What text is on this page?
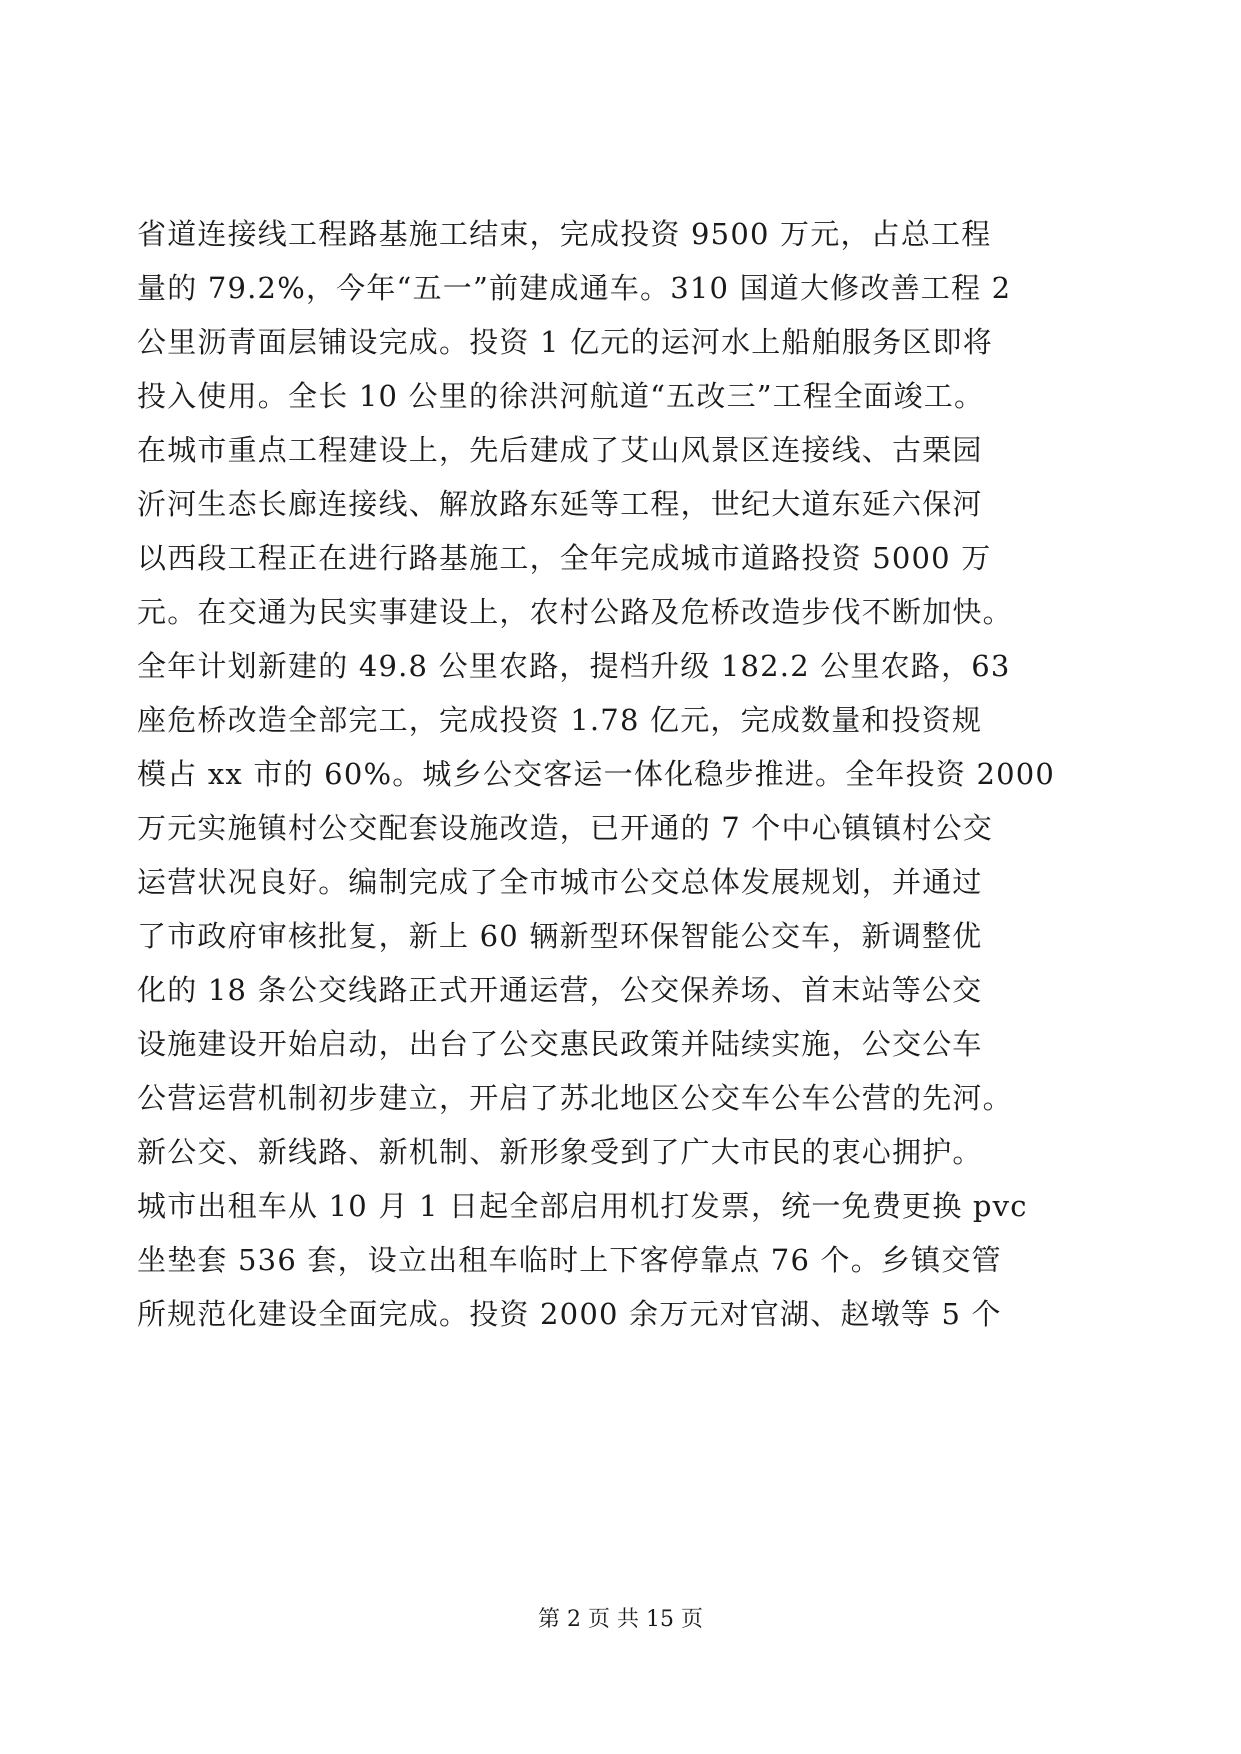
省道连接线工程路基施工结束，完成投资 9500 万元，占总工程
量的 79.2%，今年“五一”前建成通车。310 国道大修改善工程 2
公里沥青面层铺设完成。投资 1 亿元的运河水上船舶服务区即将
投入使用。全长 10 公里的徐洪河航道“五改三”工程全面竣工。
在城市重点工程建设上，先后建成了艾山风景区连接线、古栗园
沂河生态长廊连接线、解放路东延等工程，世纪大道东延六保河
以西段工程正在进行路基施工，全年完成城市道路投资 5000 万
元。在交通为民实事建设上，农村公路及危桥改造步伐不断加快。
全年计划新建的 49.8 公里农路，提档升级 182.2 公里农路，63
座危桥改造全部完工，完成投资 1.78 亿元，完成数量和投资规
模占 xx 市的 60%。城乡公交客运一体化稳步推进。全年投资 2000
万元实施镇村公交配套设施改造，已开通的 7 个中心镇镇村公交
运营状况良好。编制完成了全市城市公交总体发展规划，并通过
了市政府审核批复，新上 60 辆新型环保智能公交车，新调整优
化的 18 条公交线路正式开通运营，公交保养场、首末站等公交
设施建设开始启动，出台了公交惠民政策并陆续实施，公交公车
公营运营机制初步建立，开启了苏北地区公交车公车公营的先河。
新公交、新线路、新机制、新形象受到了广大市民的衷心拥护。
城市出租车从 10 月 1 日起全部启用机打发票，统一免费更换 pvc
坐垫套 536 套，设立出租车临时上下客停靠点 76 个。乡镇交管
所规范化建设全面完成。投资 2000 余万元对官湖、赵墩等 5 个
第 2 页 共 15 页
